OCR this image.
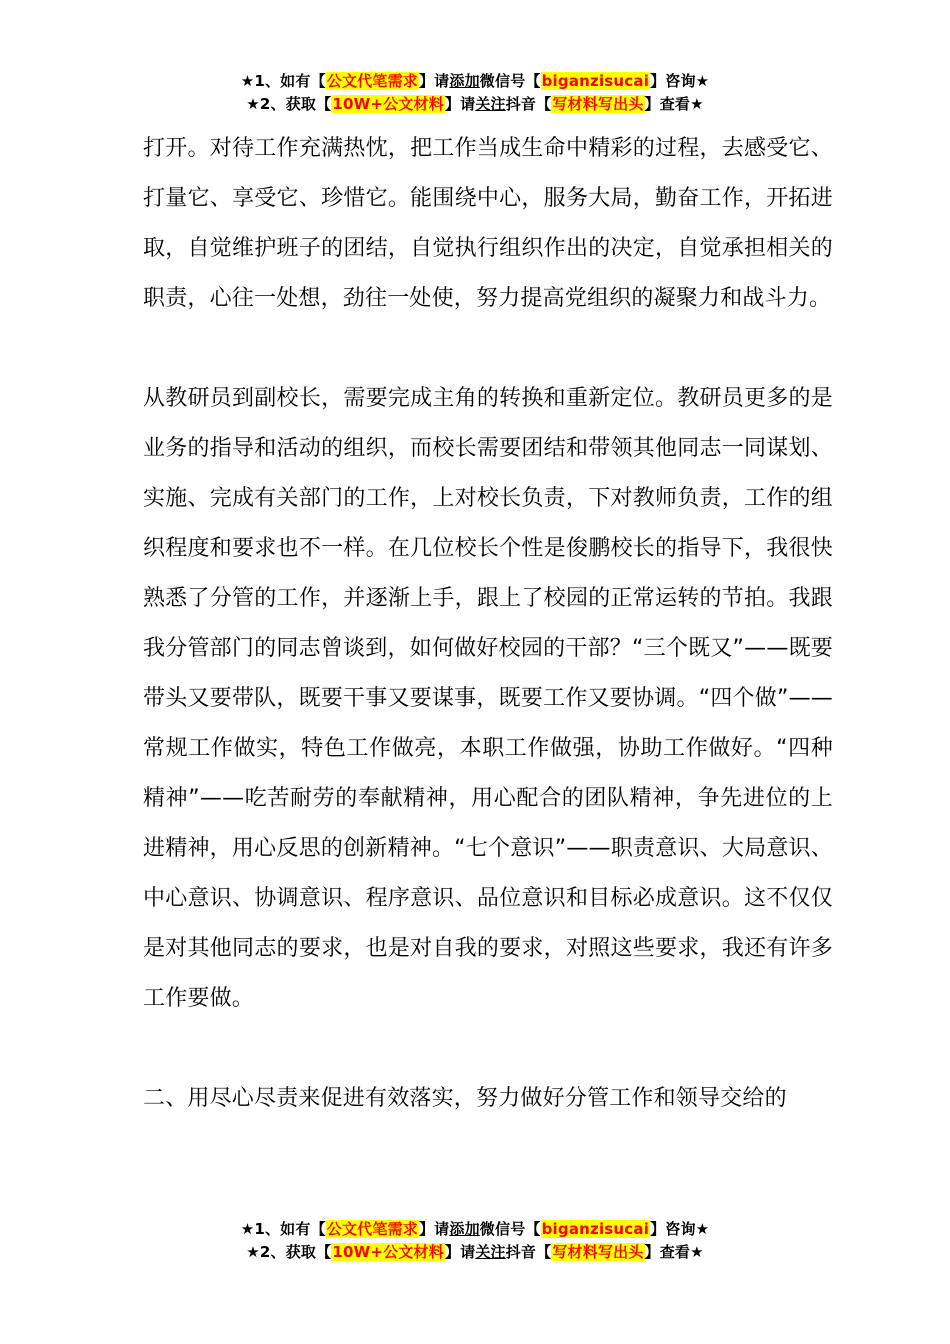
★1、如有【公文代笔需求】请添加微信号【biganzisucai】咨询★
★2、获取【10W+公文材料】请关注抖音【写材料写出头】查看★

打开。对待工作充满热忱，把工作当成生命中精彩的过程，去感受它、打量它、享受它、珍惜它。能围绕中心，服务大局，勤奋工作，开拓进取，自觉维护班子的团结，自觉执行组织作出的决定，自觉承担相关的职责，心往一处想，劲往一处使，努力提高党组织的凝聚力和战斗力。

从教研员到副校长，需要完成主角的转换和重新定位。教研员更多的是业务的指导和活动的组织，而校长需要团结和带领其他同志一同谋划、实施、完成有关部门的工作，上对校长负责，下对教师负责，工作的组织程度和要求也不一样。在几位校长个性是俊鹏校长的指导下，我很快熟悉了分管的工作，并逐渐上手，跟上了校园的正常运转的节拍。我跟我分管部门的同志曾谈到，如何做好校园的干部？“三个既又”——既要带头又要带队，既要干事又要谋事，既要工作又要协调。“四个做”——常规工作做实，特色工作做亮，本职工作做强，协助工作做好。“四种精神”——吃苦耐劳的奉献精神，用心配合的团队精神，争先进位的上进精神，用心反思的创新精神。“七个意识”——职责意识、大局意识、中心意识、协调意识、程序意识、品位意识和目标必成意识。这不仅仅是对其他同志的要求，也是对自我的要求，对照这些要求，我还有许多工作要做。

二、用尽心尽责来促进有效落实，努力做好分管工作和领导交给的

★1、如有【公文代笔需求】请添加微信号【biganzisucai】咨询★
★2、获取【10W+公文材料】请关注抖音【写材料写出头】查看★
